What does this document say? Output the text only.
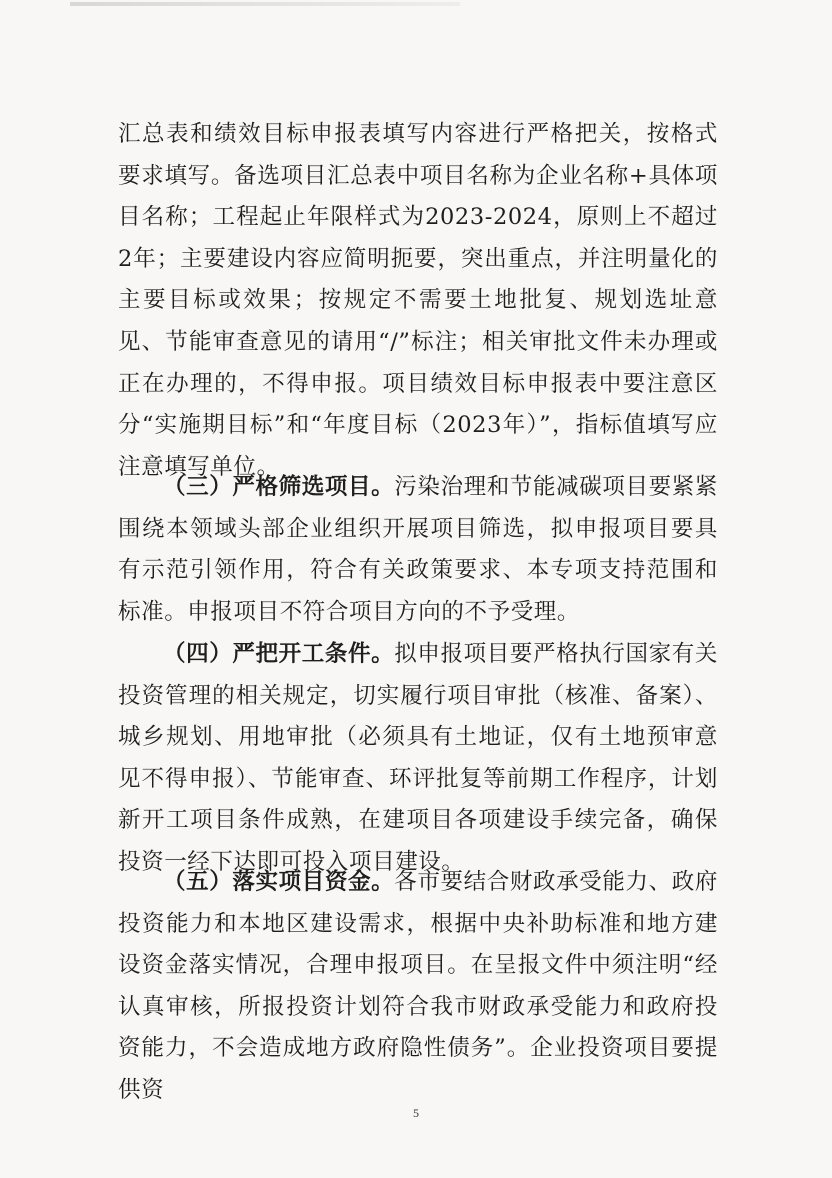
汇总表和绩效目标申报表填写内容进行严格把关，按格式要求填写。备选项目汇总表中项目名称为企业名称+具体项目名称；工程起止年限样式为2023-2024，原则上不超过2年；主要建设内容应简明扼要，突出重点，并注明量化的主要目标或效果；按规定不需要土地批复、规划选址意见、节能审查意见的请用“/”标注；相关审批文件未办理或正在办理的，不得申报。项目绩效目标申报表中要注意区分“实施期目标”和“年度目标（2023年）”，指标值填写应注意填写单位。

（三）严格筛选项目。污染治理和节能减碳项目要紧紧围绕本领域头部企业组织开展项目筛选，拟申报项目要具有示范引领作用，符合有关政策要求、本专项支持范围和标准。申报项目不符合项目方向的不予受理。

（四）严把开工条件。拟申报项目要严格执行国家有关投资管理的相关规定，切实履行项目审批（核准、备案）、城乡规划、用地审批（必须具有土地证，仅有土地预审意见不得申报）、节能审查、环评批复等前期工作程序，计划新开工项目条件成熟，在建项目各项建设手续完备，确保投资一经下达即可投入项目建设。

（五）落实项目资金。各市要结合财政承受能力、政府投资能力和本地区建设需求，根据中央补助标准和地方建设资金落实情况，合理申报项目。在呈报文件中须注明“经认真审核，所报投资计划符合我市财政承受能力和政府投资能力，不会造成地方政府隐性债务”。企业投资项目要提供资

5
